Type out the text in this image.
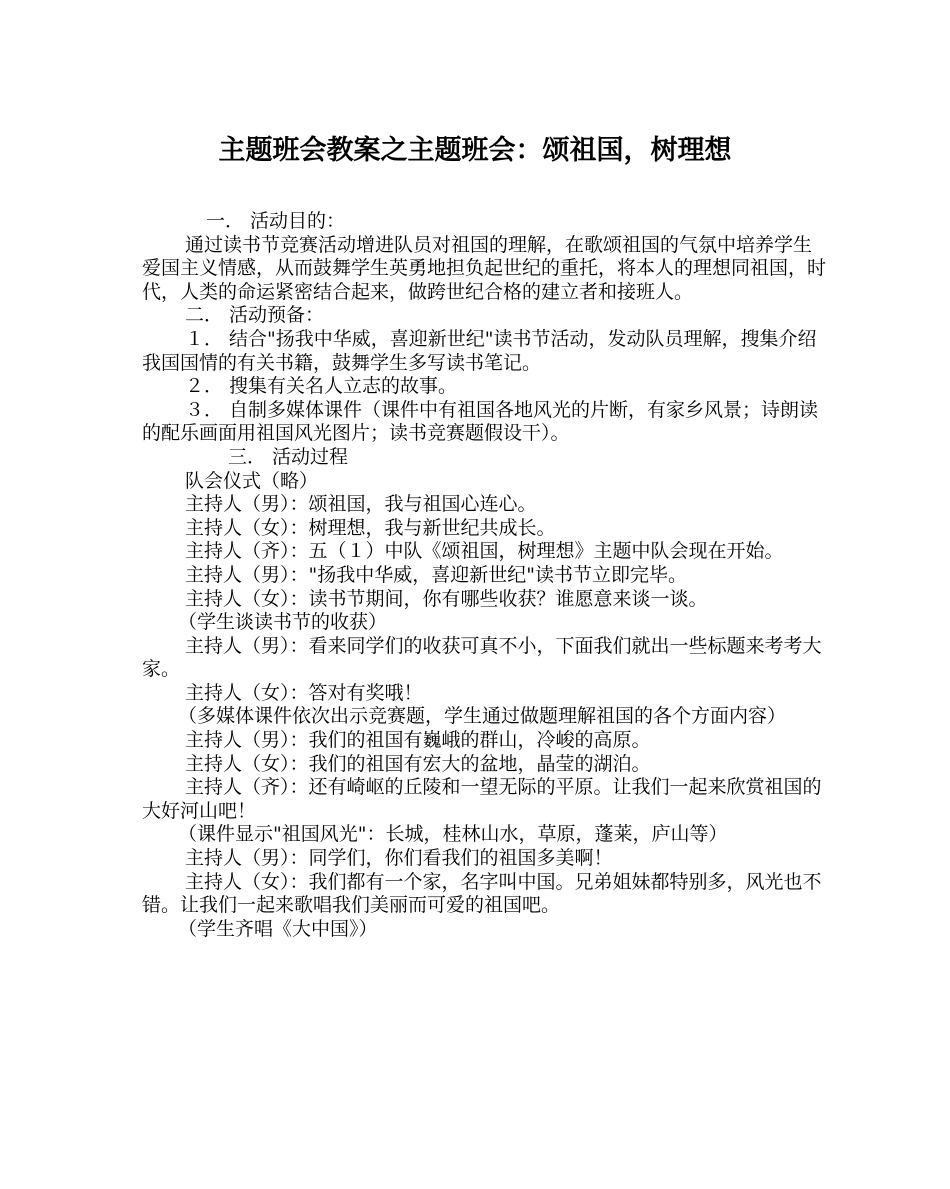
主题班会教案之主题班会：颂祖国，树理想

一． 活动目的：

通过读书节竞赛活动增进队员对祖国的理解，在歌颂祖国的气氛中培养学生爱国主义情感，从而鼓舞学生英勇地担负起世纪的重托，将本人的理想同祖国，时代，人类的命运紧密结合起来，做跨世纪合格的建立者和接班人。

二． 活动预备：

１． 结合"扬我中华威，喜迎新世纪"读书节活动，发动队员理解，搜集介绍我国国情的有关书籍，鼓舞学生多写读书笔记。

２． 搜集有关名人立志的故事。

３． 自制多媒体课件（课件中有祖国各地风光的片断，有家乡风景；诗朗读的配乐画面用祖国风光图片；读书竞赛题假设干）。

三． 活动过程

队会仪式（略）

主持人（男）：颂祖国，我与祖国心连心。

主持人（女）：树理想，我与新世纪共成长。

主持人（齐）：五（１）中队《颂祖国，树理想》主题中队会现在开始。

主持人（男）："扬我中华威，喜迎新世纪"读书节立即完毕。

主持人（女）：读书节期间，你有哪些收获？谁愿意来谈一谈。

（学生谈读书节的收获）

主持人（男）：看来同学们的收获可真不小，下面我们就出一些标题来考考大家。

主持人（女）：答对有奖哦！

（多媒体课件依次出示竞赛题，学生通过做题理解祖国的各个方面内容）

主持人（男）：我们的祖国有巍峨的群山，冷峻的高原。

主持人（女）：我们的祖国有宏大的盆地，晶莹的湖泊。

主持人（齐）：还有崎岖的丘陵和一望无际的平原。让我们一起来欣赏祖国的大好河山吧！

（课件显示"祖国风光"：长城，桂林山水，草原，蓬莱，庐山等）

主持人（男）：同学们，你们看我们的祖国多美啊！

主持人（女）：我们都有一个家，名字叫中国。兄弟姐妹都特别多，风光也不错。让我们一起来歌唱我们美丽而可爱的祖国吧。

（学生齐唱《大中国》）
